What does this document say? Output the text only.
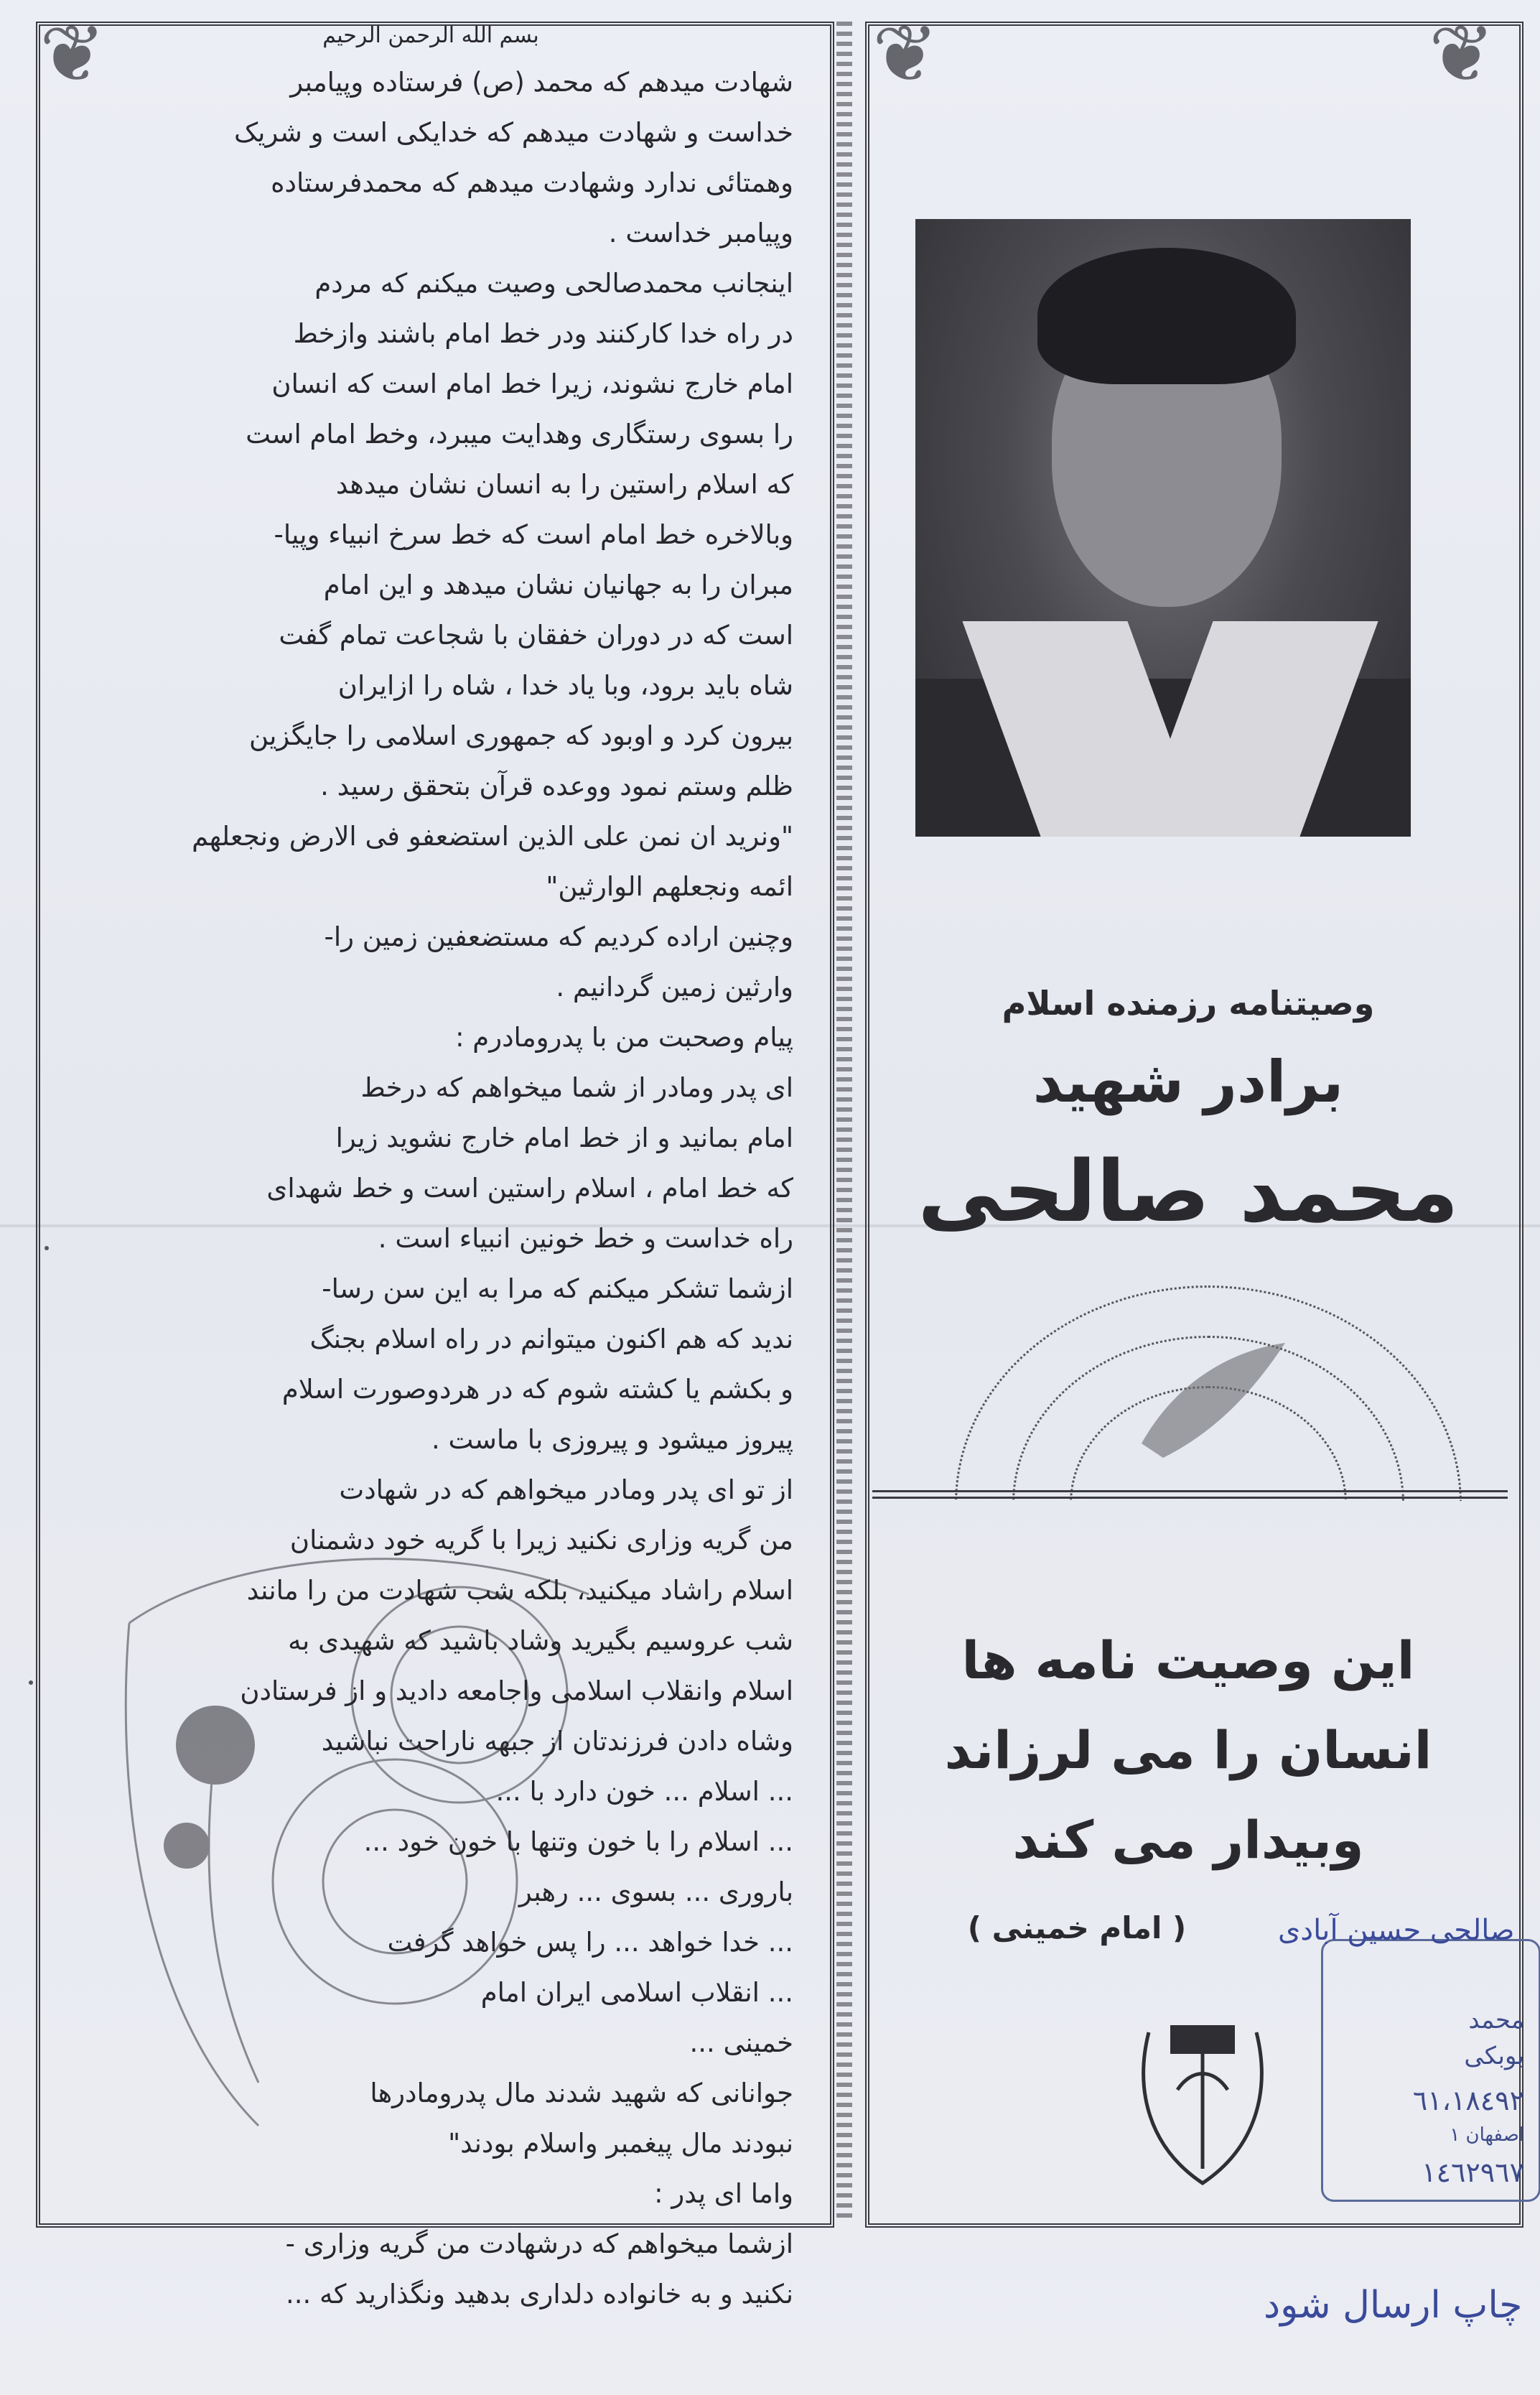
❦	❦
❦

بسم الله الرحمن الرحیم

شهادت میدهم که محمد (ص) فرستاده وپیامبر

خداست و شهادت میدهم که خدایکی است و شریک

وهمتائی ندارد وشهادت میدهم که محمدفرستاده

وپیامبر خداست .

اینجانب محمدصالحی وصیت میکنم که مردم

در راه خدا کارکنند ودر خط امام باشند وازخط

امام خارج نشوند، زیرا خط امام است که انسان

را بسوی رستگاری وهدایت میبرد، وخط امام است

که اسلام راستین را به انسان نشان میدهد

وبالاخره خط امام است که خط سرخ انبیاء وپیا-

مبران را به جهانیان نشان میدهد و این امام

است که در دوران خفقان با شجاعت تمام گفت

شاه باید برود، وبا یاد خدا ، شاه را ازایران

بیرون کرد و اوبود که جمهوری اسلامی را جایگزین

ظلم وستم نمود ووعده قرآن بتحقق رسید .

"ونرید ان نمن علی الذین استضعفو فی الارض ونجعلهم

ائمه ونجعلهم الوارثین"

وچنین اراده کردیم که مستضعفین زمین را-

وارثین زمین گردانیم .

پیام وصحبت من با پدرومادرم :

ای پدر ومادر از شما میخواهم که درخط

امام بمانید و از خط امام خارج نشوید زیرا

که خط امام ، اسلام راستین است و خط شهدای

راه خداست و خط خونین انبیاء است .

ازشما تشکر میکنم که مرا به این سن رسا-

ندید که هم اکنون میتوانم در راه اسلام بجنگ

و بکشم یا کشته شوم که در هردوصورت اسلام

پیروز میشود و پیروزی با ماست .

از تو ای پدر ومادر میخواهم که در شهادت

من گریه وزاری نکنید زیرا با گریه خود دشمنان

اسلام راشاد میکنید، بلکه شب شهادت من را مانند

شب عروسیم بگیرید وشاد باشید که شهیدی به

اسلام وانقلاب اسلامی واجامعه دادید و از فرستادن

وشاه دادن فرزندتان از جبهه ناراحت نباشید

... اسلام ... خون دارد با ...

... اسلام را با خون وتنها با خون خود ...

باروری ... بسوی ... رهبر

... خدا خواهد ... را پس خواهد گرفت

... انقلاب اسلامی ایران امام

خمینی ...

جوانانی که شهید شدند مال پدرومادرها

نبودند مال پیغمبر واسلام بودند"

واما ای پدر :

ازشما میخواهم که درشهادت من گریه وزاری -

نکنید و به خانواده دلداری بدهید ونگذارید که ...

وصیتنامه رزمنده اسلام
برادر شهید
محمد صالحی
این وصیت نامه ها
انسان را می لرزاند
وبیدار می کند
( امام خمینی )
محمد
بوبکی
٦١،١٨٤٩٢
اصفهان ١
١٤٦٢٩٦٧
صالحی حسین آبادی
چاپ ارسال شود
